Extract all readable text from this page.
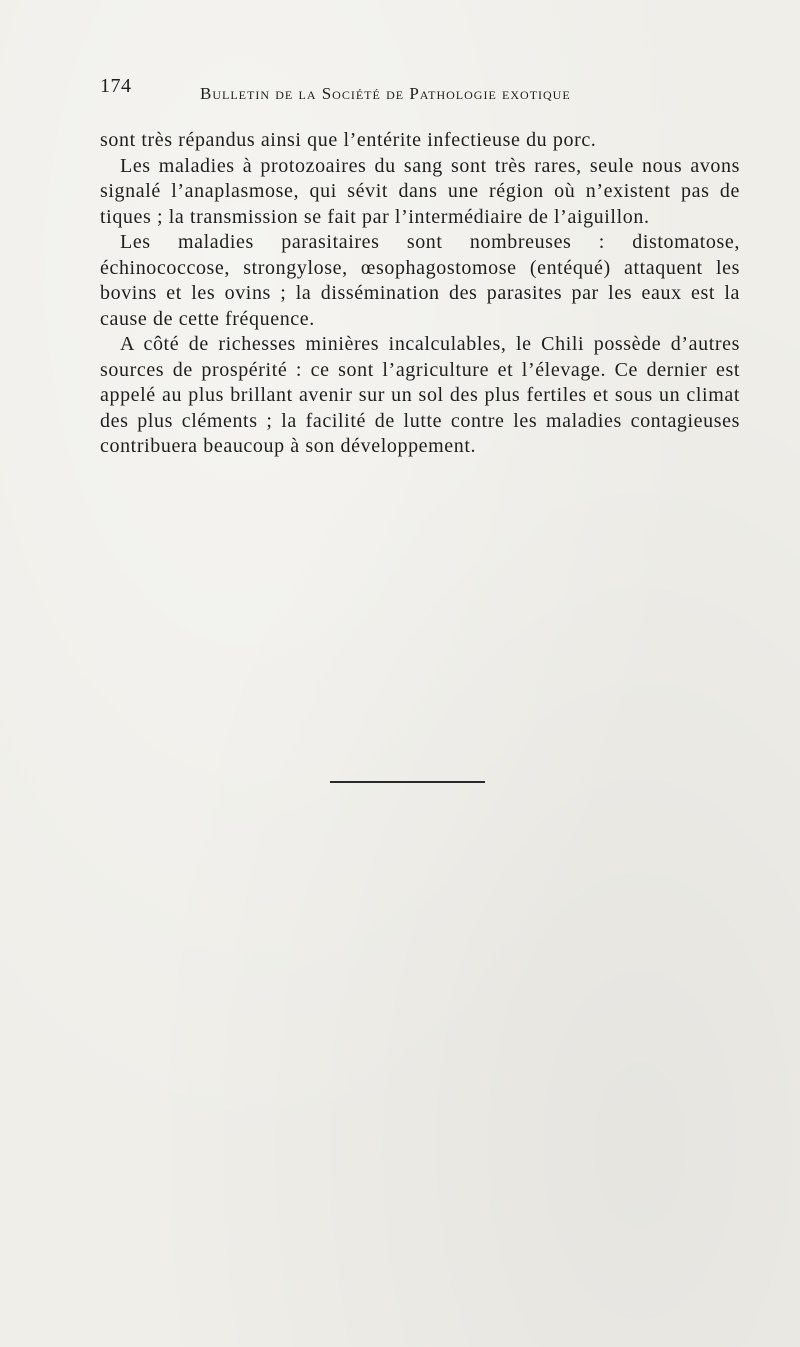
174	Bulletin de la Société de Pathologie exotique

sont très répandus ainsi que l’entérite infectieuse du porc.

Les maladies à protozoaires du sang sont très rares, seule nous avons signalé l’anaplasmose, qui sévit dans une région où n’existent pas de tiques ; la transmission se fait par l’intermédiaire de l’aiguillon.

Les maladies parasitaires sont nombreuses : distomatose, échinococcose, strongylose, œsophagostomose (entéqué) attaquent les bovins et les ovins ; la dissémination des parasites par les eaux est la cause de cette fréquence.

A côté de richesses minières incalculables, le Chili possède d’autres sources de prospérité : ce sont l’agriculture et l’élevage. Ce dernier est appelé au plus brillant avenir sur un sol des plus fertiles et sous un climat des plus cléments ; la facilité de lutte contre les maladies contagieuses contribuera beaucoup à son développement.
